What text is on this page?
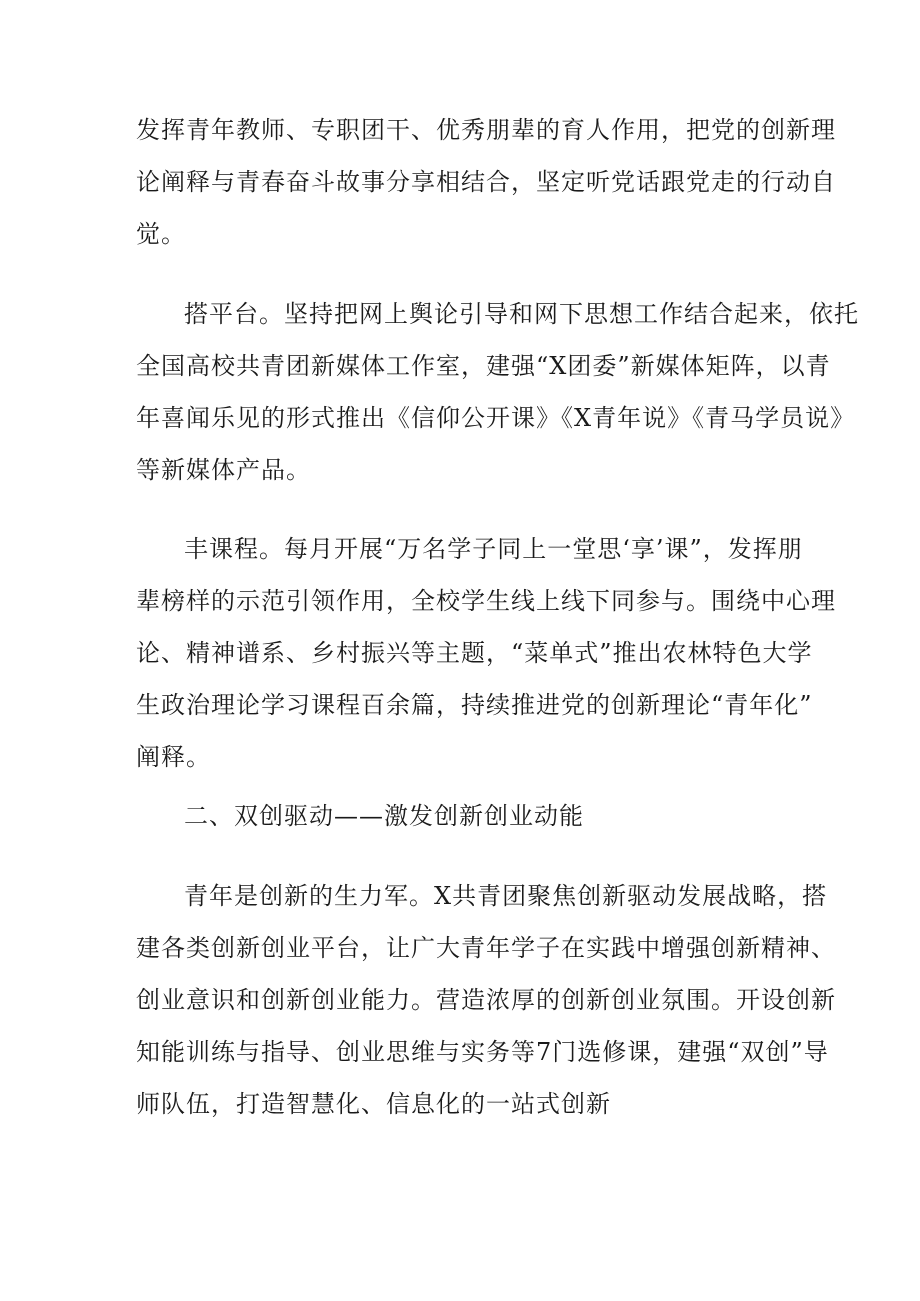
发挥青年教师、专职团干、优秀朋辈的育人作用，把党的创新理
论阐释与青春奋斗故事分享相结合，坚定听党话跟党走的行动自
觉。
搭平台。坚持把网上舆论引导和网下思想工作结合起来，依托
全国高校共青团新媒体工作室，建强“X团委”新媒体矩阵，以青
年喜闻乐见的形式推出《信仰公开课》《X青年说》《青马学员说》
等新媒体产品。
丰课程。每月开展“万名学子同上一堂思‘享’课”，发挥朋
辈榜样的示范引领作用，全校学生线上线下同参与。围绕中心理
论、精神谱系、乡村振兴等主题，“菜单式”推出农林特色大学
生政治理论学习课程百余篇，持续推进党的创新理论“青年化”
阐释。
二、双创驱动——激发创新创业动能
青年是创新的生力军。X共青团聚焦创新驱动发展战略，搭
建各类创新创业平台，让广大青年学子在实践中增强创新精神、
创业意识和创新创业能力。营造浓厚的创新创业氛围。开设创新
知能训练与指导、创业思维与实务等7门选修课，建强“双创”导
师队伍，打造智慧化、信息化的一站式创新
